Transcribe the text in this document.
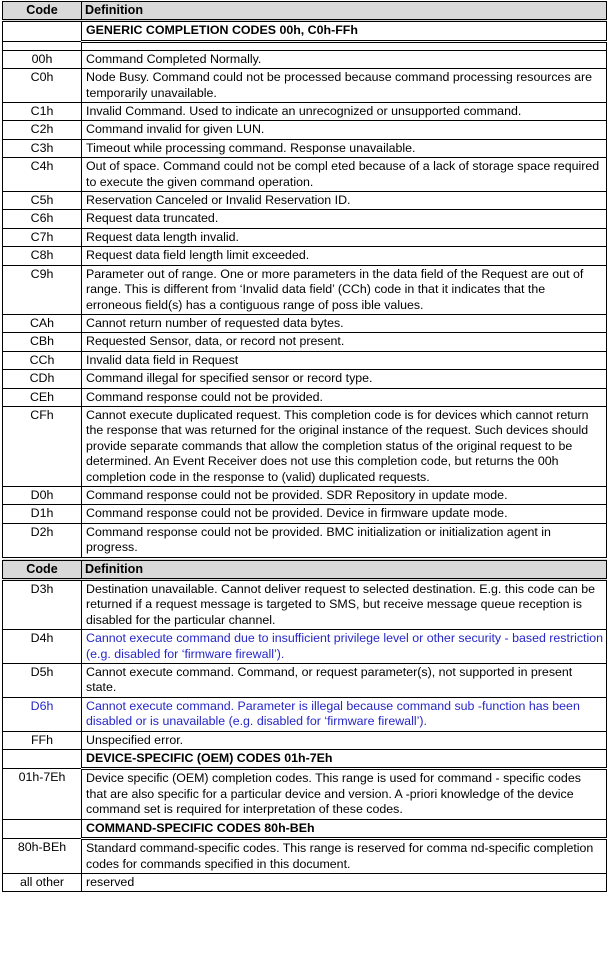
Code	Definition
	GENERIC COMPLETION CODES 00h, C0h-FFh

00h	Command Completed Normally.
C0h	Node Busy. Command could not be processed because command processing resources are temporarily unavailable.
C1h	Invalid Command. Used to indicate an unrecognized or unsupported command.
C2h	Command invalid for given LUN.
C3h	Timeout while processing command. Response unavailable.
C4h	Out of space. Command could not be compl eted because of a lack of storage space required to execute the given command operation.
C5h	Reservation Canceled or Invalid Reservation ID.
C6h	Request data truncated.
C7h	Request data length invalid.
C8h	Request data field length limit exceeded.
C9h	Parameter out of range. One or more parameters in the data field of the Request are out of range. This is different from ‘Invalid data field’ (CCh) code in that it indicates that the erroneous field(s) has a contiguous range of poss ible values.
CAh	Cannot return number of requested data bytes.
CBh	Requested Sensor, data, or record not present.
CCh	Invalid data field in Request
CDh	Command illegal for specified sensor or record type.
CEh	Command response could not be provided.
CFh	Cannot execute duplicated request. This completion code is for devices which cannot return the response that was returned for the original instance of the request. Such devices should provide separate commands that allow the completion status of the original request to be determined. An Event Receiver does not use this completion code, but returns the 00h completion code in the response to (valid) duplicated requests.
D0h	Command response could not be provided. SDR Repository in update mode.
D1h	Command response could not be provided. Device in firmware update mode.
D2h	Command response could not be provided. BMC initialization or initialization agent in progress.
Code	Definition
D3h	Destination unavailable. Cannot deliver request to selected destination. E.g. this code can be returned if a request message is targeted to SMS, but receive message queue reception is disabled for the particular channel.
D4h	Cannot execute command due to insufficient privilege level or other security - based restriction (e.g. disabled for ‘firmware firewall’).
D5h	Cannot execute command. Command, or request parameter(s), not supported in present state.
D6h	Cannot execute command. Parameter is illegal because command sub -function has been disabled or is unavailable (e.g. disabled for ‘firmware firewall’).
FFh	Unspecified error.
	DEVICE-SPECIFIC (OEM) CODES 01h-7Eh
01h-7Eh	Device specific (OEM) completion codes. This range is used for command - specific codes that are also specific for a particular device and version. A -priori knowledge of the device command set is required for interpretation of these codes.
	COMMAND-SPECIFIC CODES 80h-BEh
80h-BEh	Standard command-specific codes. This range is reserved for comma nd-specific completion codes for commands specified in this document.
all other	reserved
